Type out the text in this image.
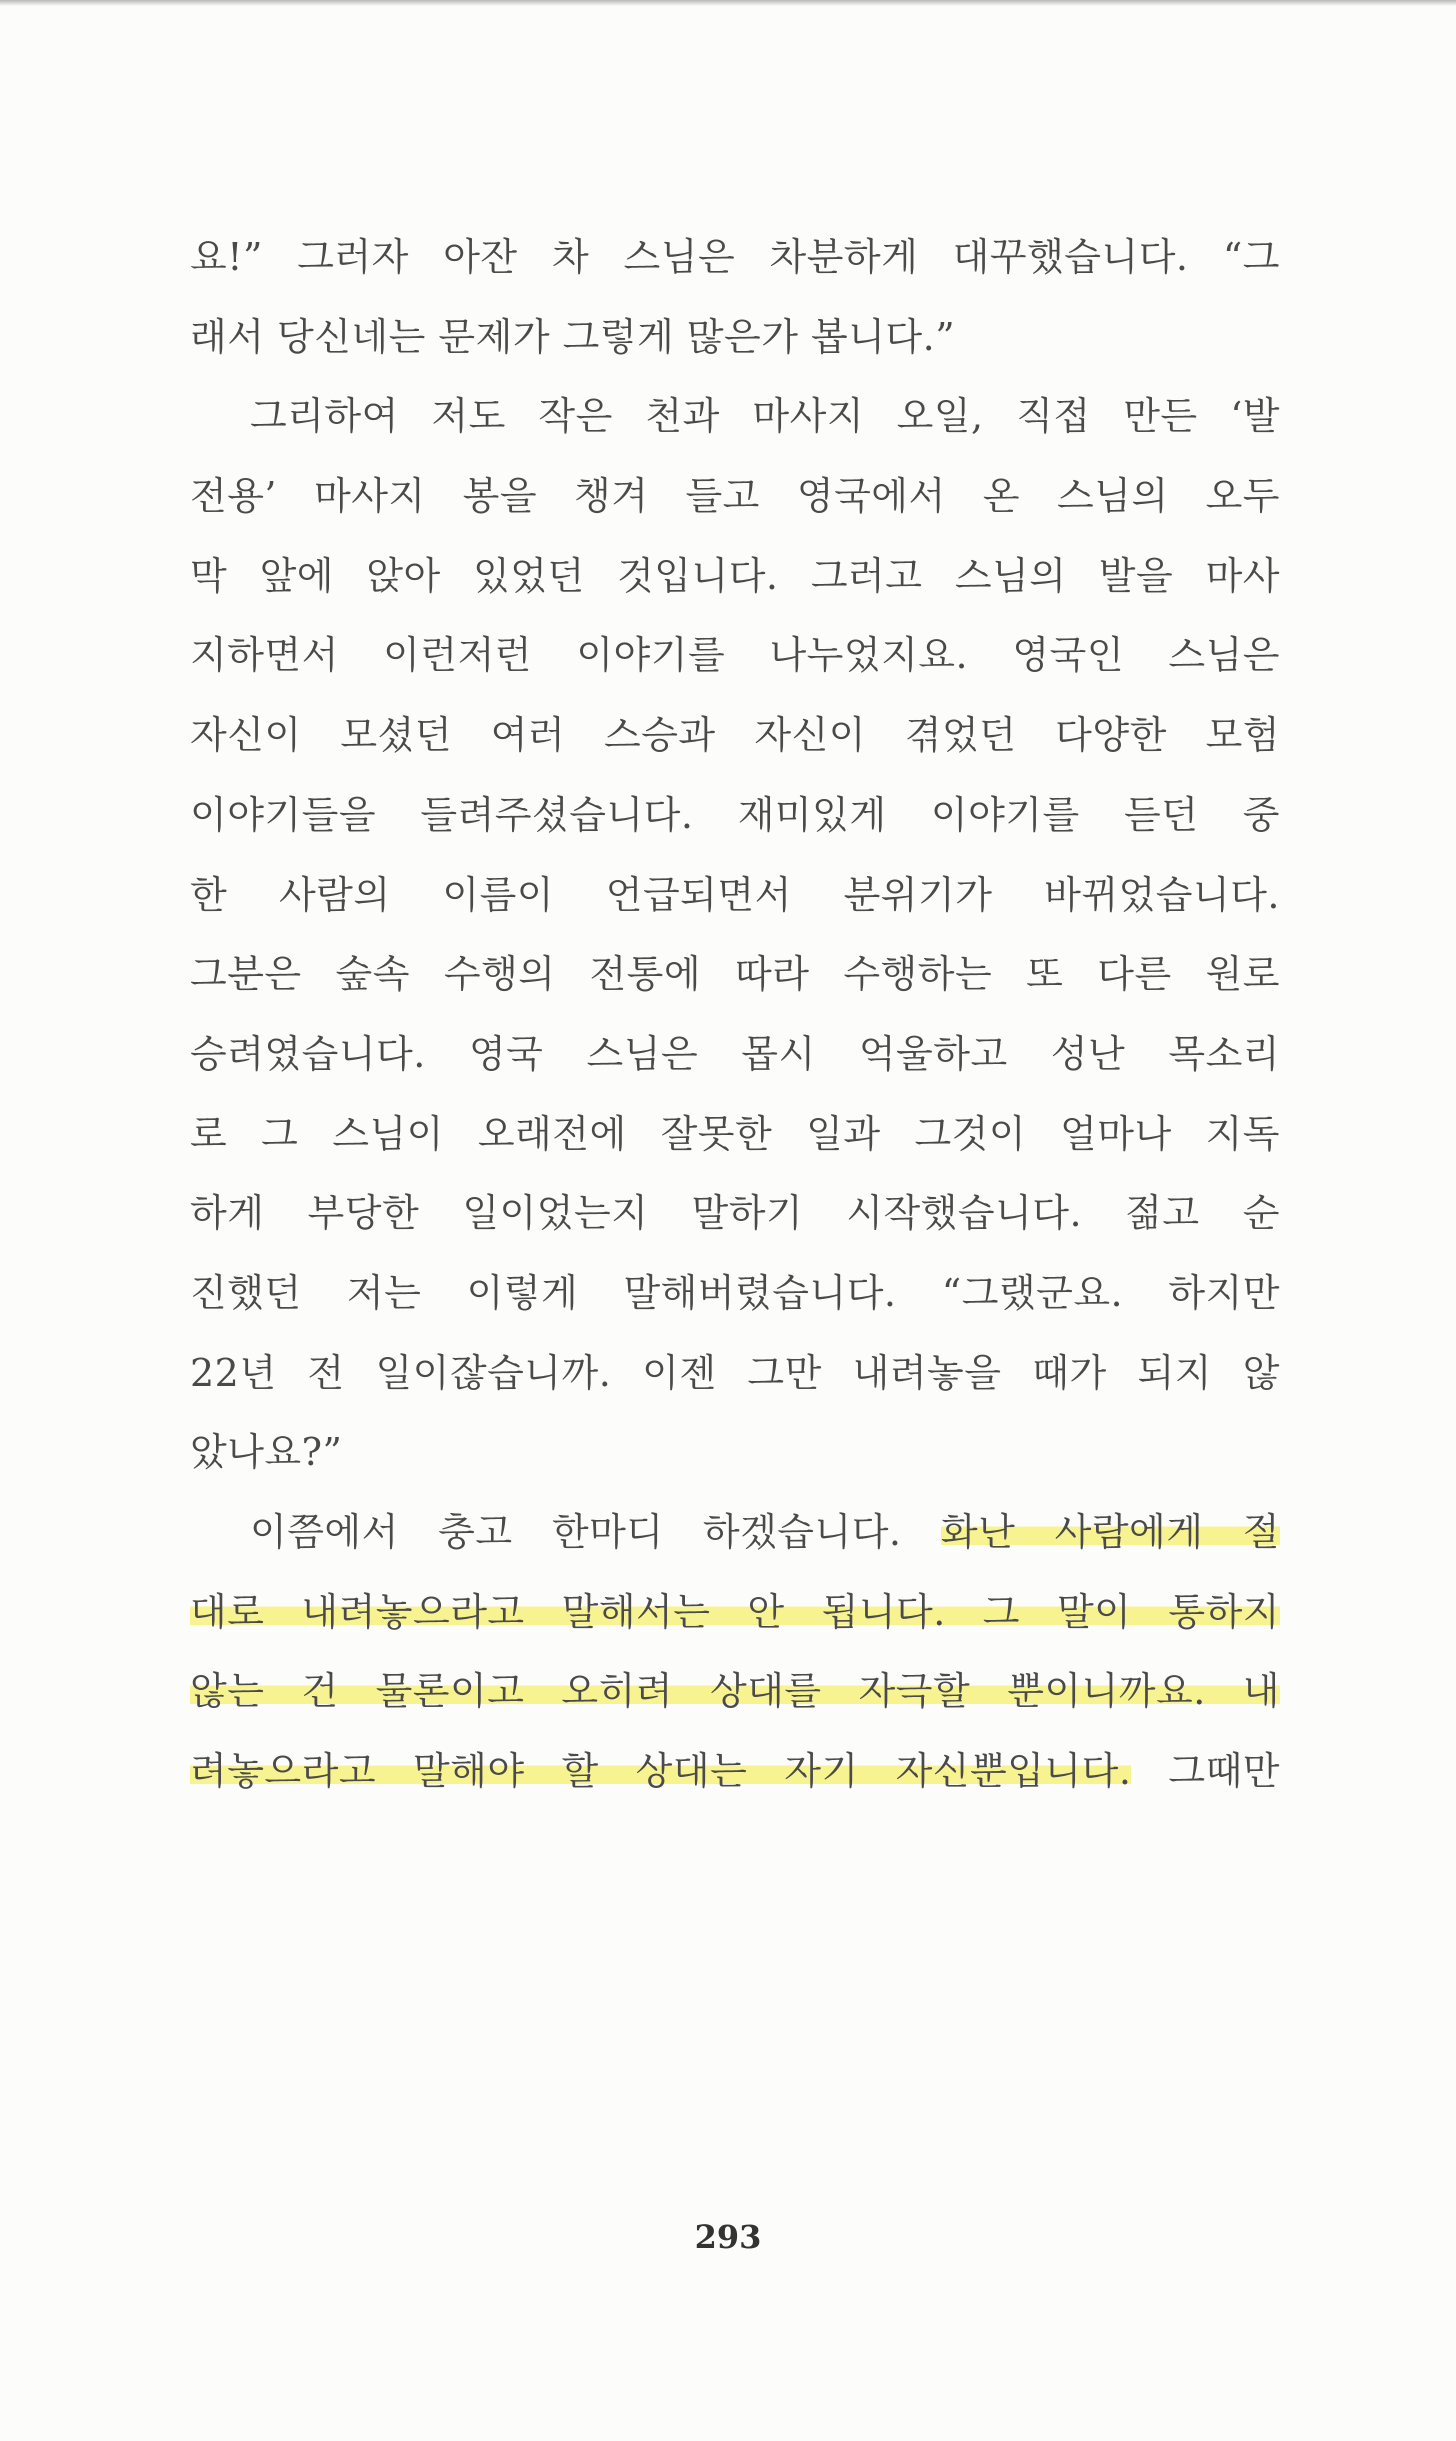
요!” 그러자 아잔 차 스님은 차분하게 대꾸했습니다. “그
래서 당신네는 문제가 그렇게 많은가 봅니다.”
그리하여 저도 작은 천과 마사지 오일, 직접 만든 ‘발
전용’ 마사지 봉을 챙겨 들고 영국에서 온 스님의 오두
막 앞에 앉아 있었던 것입니다. 그러고 스님의 발을 마사
지하면서 이런저런 이야기를 나누었지요. 영국인 스님은
자신이 모셨던 여러 스승과 자신이 겪었던 다양한 모험
이야기들을 들려주셨습니다. 재미있게 이야기를 듣던 중
한 사람의 이름이 언급되면서 분위기가 바뀌었습니다.
그분은 숲속 수행의 전통에 따라 수행하는 또 다른 원로
승려였습니다. 영국 스님은 몹시 억울하고 성난 목소리
로 그 스님이 오래전에 잘못한 일과 그것이 얼마나 지독
하게 부당한 일이었는지 말하기 시작했습니다. 젊고 순
진했던 저는 이렇게 말해버렸습니다. “그랬군요. 하지만
22년 전 일이잖습니까. 이젠 그만 내려놓을 때가 되지 않
았나요?”
이쯤에서 충고 한마디 하겠습니다. 화난 사람에게 절
대로 내려놓으라고 말해서는 안 됩니다. 그 말이 통하지
않는 건 물론이고 오히려 상대를 자극할 뿐이니까요. 내
려놓으라고 말해야 할 상대는 자기 자신뿐입니다. 그때만
293
